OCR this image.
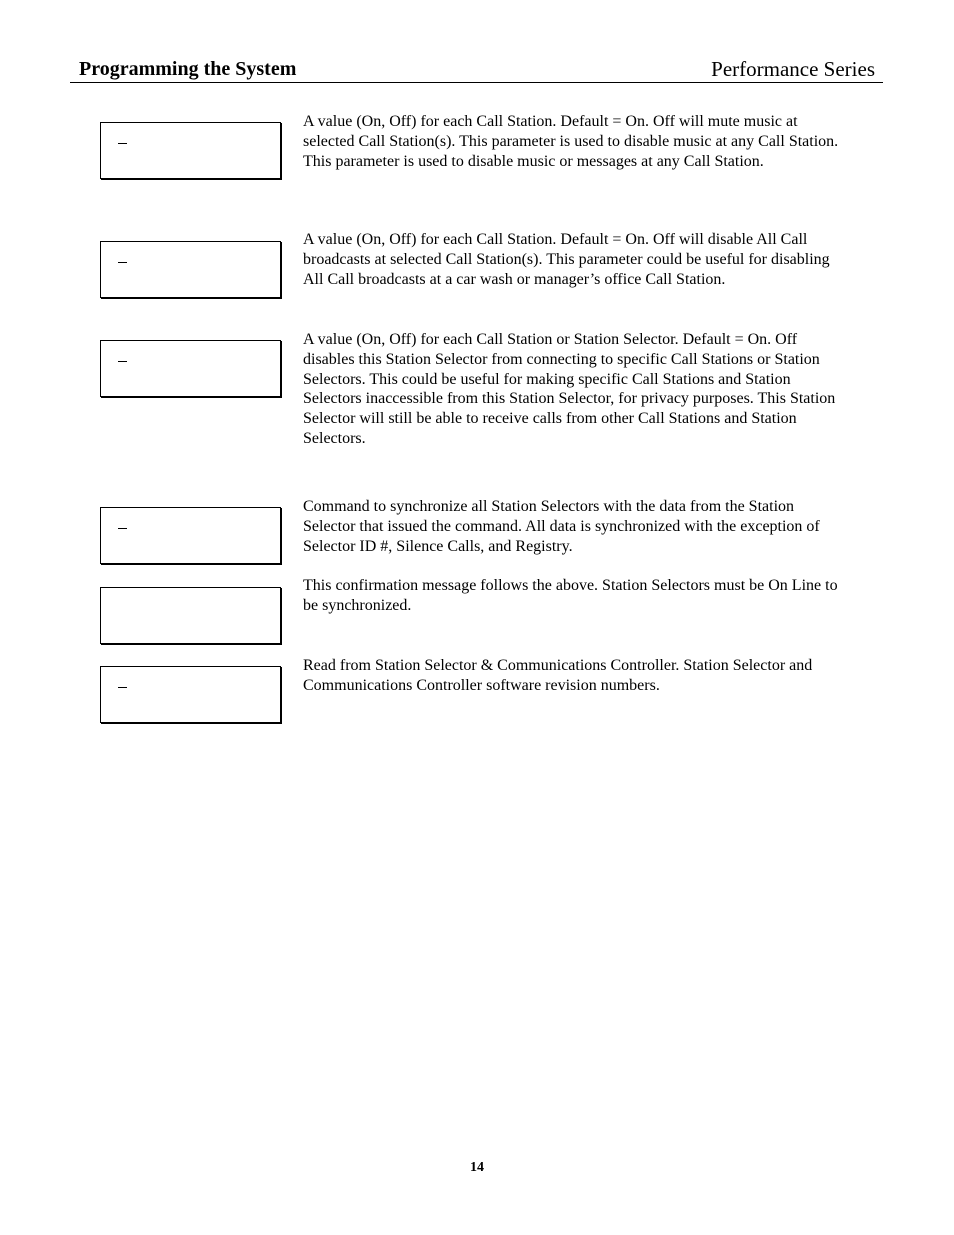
Programming the System	Performance Series

A value (On, Off) for each Call Station. Default = On. Off will mute music at selected Call Station(s). This parameter is used to disable music at any Call Station. This parameter is used to disable music or messages at any Call Station.

A value (On, Off) for each Call Station. Default = On. Off will disable All Call broadcasts at selected Call Station(s). This parameter could be useful for disabling All Call broadcasts at a car wash or manager’s office Call Station.

A value (On, Off) for each Call Station or Station Selector. Default = On. Off disables this Station Selector from connecting to specific Call Stations or Station Selectors. This could be useful for making specific Call Stations and Station Selectors inaccessible from this Station Selector, for privacy purposes. This Station Selector will still be able to receive calls from other Call Stations and Station Selectors.

Command to synchronize all Station Selectors with the data from the Station Selector that issued the command. All data is synchronized with the exception of Selector ID #, Silence Calls, and Registry.

This confirmation message follows the above. Station Selectors must be On Line to be synchronized.

Read from Station Selector & Communications Controller. Station Selector and Communications Controller software revision numbers.

14
